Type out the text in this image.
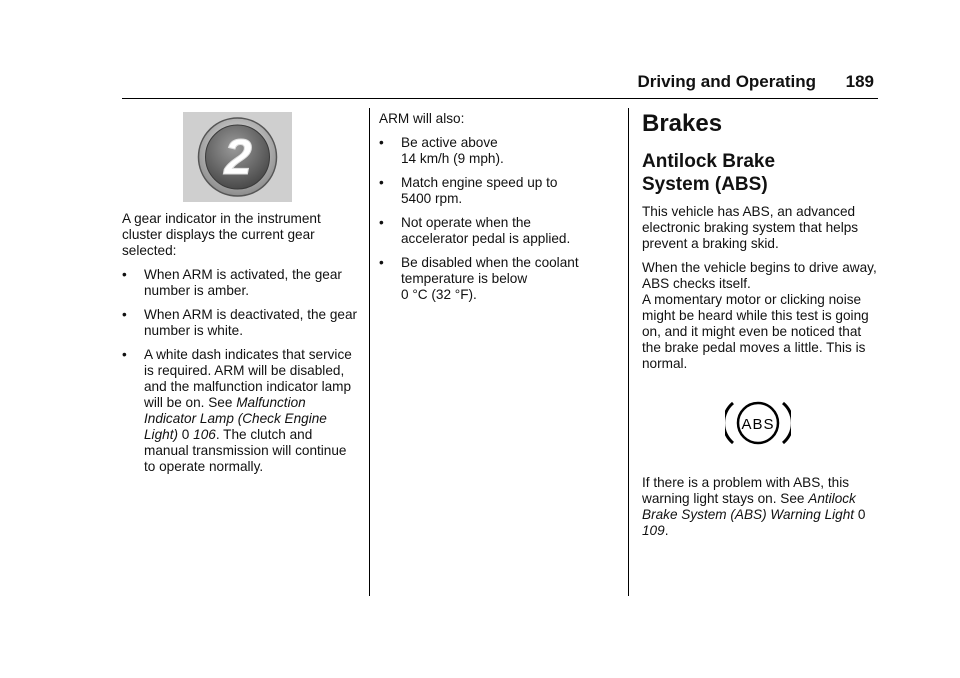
Driving and Operating 189
2

A gear indicator in the instrument cluster displays the current gear selected:

• When ARM is activated, the gear number is amber.
• When ARM is deactivated, the gear number is white.
• A white dash indicates that service is required. ARM will be disabled, and the malfunction indicator lamp will be on. See Malfunction Indicator Lamp (Check Engine Light) 0 106. The clutch and manual transmission will continue to operate normally.

ARM will also:

• Be active above
14 km/h (9 mph).
• Match engine speed up to
5400 rpm.
• Not operate when the
accelerator pedal is applied.
• Be disabled when the coolant
temperature is below
0 °C (32 °F).
Brakes
Antilock Brake
System (ABS)

This vehicle has ABS, an advanced electronic braking system that helps prevent a braking skid.

When the vehicle begins to drive away, ABS checks itself.
A momentary motor or clicking noise might be heard while this test is going on, and it might even be noticed that the brake pedal moves a little. This is normal.

ABS

If there is a problem with ABS, this warning light stays on. See Antilock Brake System (ABS) Warning Light 0 109.
